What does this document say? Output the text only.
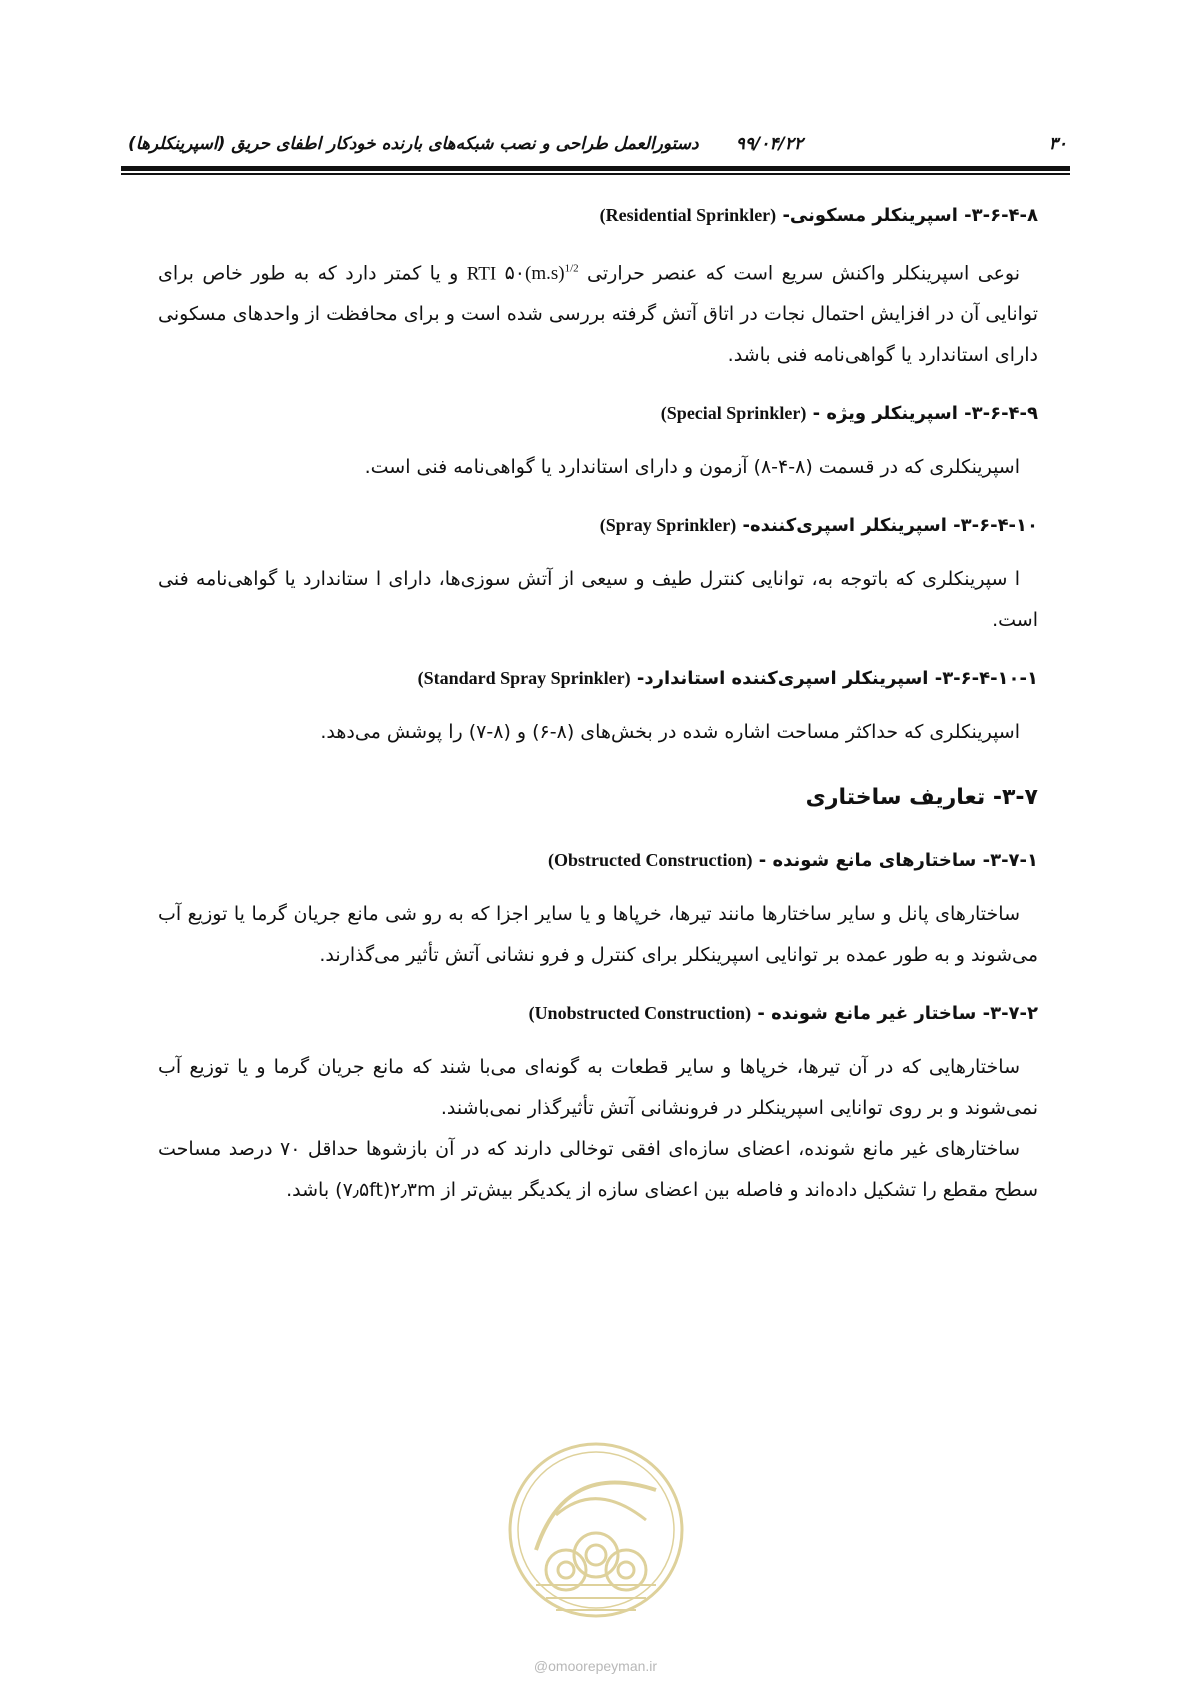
۳۰
۹۹/۰۴/۲۲
دستورالعمل طراحی و نصب شبکه‌های بارنده خودکار اطفای حریق (اسپرینکلرها)
۳-۶-۴-۸- اسپرینکلر مسکونی- (Residential Sprinkler)

نوعی اسپرینکلر واکنش سریع است که عنصر حرارتی RTI $۵۰(m.s)^{1/2}$ و یا کمتر دارد که به طور خاص برای توانایی آن در افزایش احتمال نجات در اتاق آتش گرفته بررسی شده است و برای محافظت از واحدهای مسکونی دارای استاندارد یا گواهی‌نامه فنی باشد.

۳-۶-۴-۹- اسپرینکلر ویژه - (Special Sprinkler)

اسپرینکلری که در قسمت (۸-۴-۸) آزمون و دارای استاندارد یا گواهی‌نامه فنی است.

۳-۶-۴-۱۰- اسپرینکلر اسپری‌کننده- (Spray Sprinkler)

ا سپرینکلری که باتوجه به، توانایی کنترل طیف و سیعی از آتش سوزی‌ها، دارای ا ستاندارد یا گواهی‌نامه فنی است.

۳-۶-۴-۱۰-۱- اسپرینکلر اسپری‌کننده استاندارد- (Standard Spray Sprinkler)

اسپرینکلری که حداکثر مساحت اشاره شده در بخش‌های (۸-۶) و (۸-۷) را پوشش می‌دهد.

۳-۷- تعاریف ساختاری
۳-۷-۱- ساختارهای مانع شونده - (Obstructed Construction)

ساختارهای پانل و سایر ساختارها مانند تیرها، خرپاها و یا سایر اجزا که به رو شی مانع جریان گرما یا توزیع آب می‌شوند و به طور عمده بر توانایی اسپرینکلر برای کنترل و فرو نشانی آتش تأثیر می‌گذارند.

۳-۷-۲- ساختار غیر مانع شونده - (Unobstructed Construction)

ساختارهایی که در آن تیرها، خرپاها و سایر قطعات به گونه‌ای می‌با شند که مانع جریان گرما و یا توزیع آب نمی‌شوند و بر روی توانایی اسپرینکلر در فرونشانی آتش تأثیرگذار نمی‌باشند.

ساختارهای غیر مانع شونده، اعضای سازه‌ای افقی توخالی دارند که در آن بازشوها حداقل ۷۰ درصد مساحت سطح مقطع را تشکیل داده‌اند و فاصله بین اعضای سازه از یکدیگر بیش‌تر از ۲٫۳m(۷٫۵ft) باشد.

@omoorepeyman.ir
